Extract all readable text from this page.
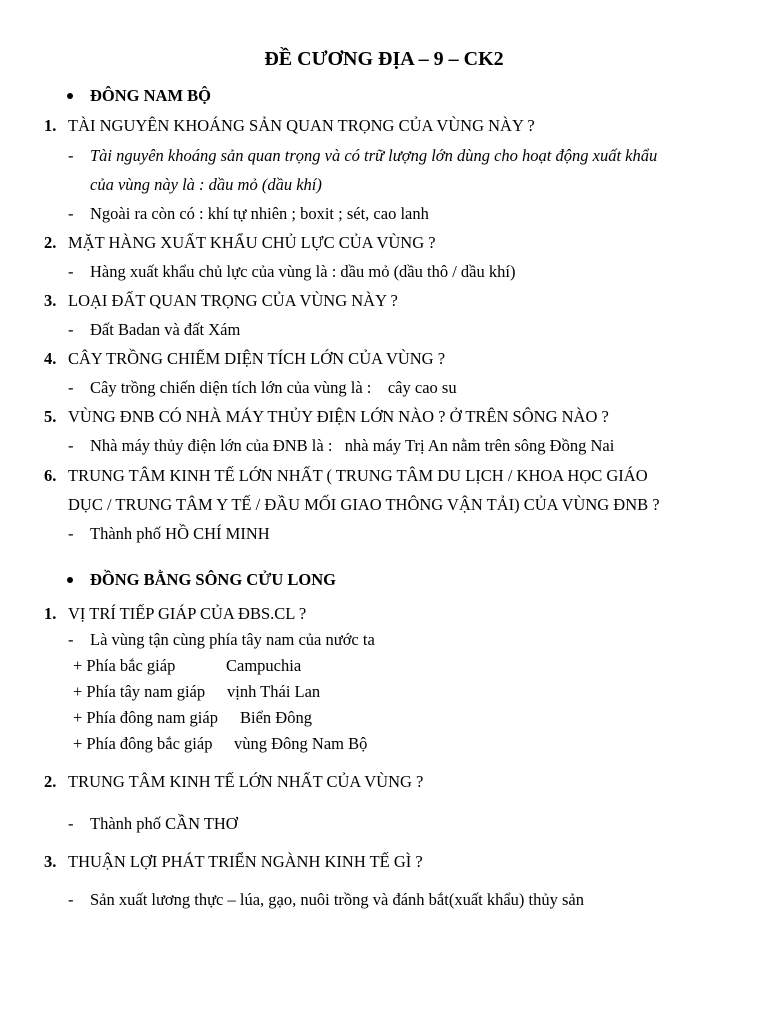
ĐỀ CƯƠNG ĐỊA – 9 – CK2
ĐÔNG NAM BỘ
1. TÀI NGUYÊN KHOÁNG SẢN QUAN TRỌNG CỦA VÙNG NÀY ?
- Tài nguyên khoáng sản quan trọng và có trữ lượng lớn dùng cho hoạt động xuất khẩu
của vùng này là : dầu mỏ (dầu khí)
- Ngoài ra còn có : khí tự nhiên ; boxit ; sét, cao lanh
2. MẶT HÀNG XUẤT KHẨU CHỦ LỰC CỦA VÙNG ?
- Hàng xuất khẩu chủ lực của vùng là : dầu mỏ (dầu thô / dầu khí)
3. LOẠI ĐẤT QUAN TRỌNG CỦA VÙNG NÀY ?
- Đất Badan và đất Xám
4. CÂY TRỒNG CHIẾM DIỆN TÍCH LỚN CỦA VÙNG ?
- Cây trồng chiến diện tích lớn của vùng là :    cây cao su
5. VÙNG ĐNB CÓ NHÀ MÁY THỦY ĐIỆN LỚN NÀO ? Ở TRÊN SÔNG NÀO ?
- Nhà máy thủy điện lớn của ĐNB là :   nhà máy Trị An nằm trên sông Đồng Nai
6. TRUNG TÂM KINH TẾ LỚN NHẤT ( TRUNG TÂM DU LỊCH / KHOA HỌC GIÁO
DỤC / TRUNG TÂM Y TẾ / ĐẦU MỐI GIAO THÔNG VẬN TẢI) CỦA VÙNG ĐNB ?
- Thành phố HỒ CHÍ MINH
ĐỒNG BẰNG SÔNG CỬU LONG
1. VỊ TRÍ TIẾP GIÁP CỦA ĐBS.CL ?
- Là vùng tận cùng phía tây nam của nước ta
+ Phía bắc giáp	Campuchia
+ Phía tây nam giáp vịnh Thái Lan
+ Phía đông nam giáp Biển Đông
+ Phía đông bắc giáp vùng Đông Nam Bộ
2. TRUNG TÂM KINH TẾ LỚN NHẤT CỦA VÙNG ?
- Thành phố CẦN THƠ
3. THUẬN LỢI PHÁT TRIỂN NGÀNH KINH TẾ GÌ ?
- Sản xuất lương thực – lúa, gạo, nuôi trồng và đánh bắt(xuất khẩu) thủy sản
